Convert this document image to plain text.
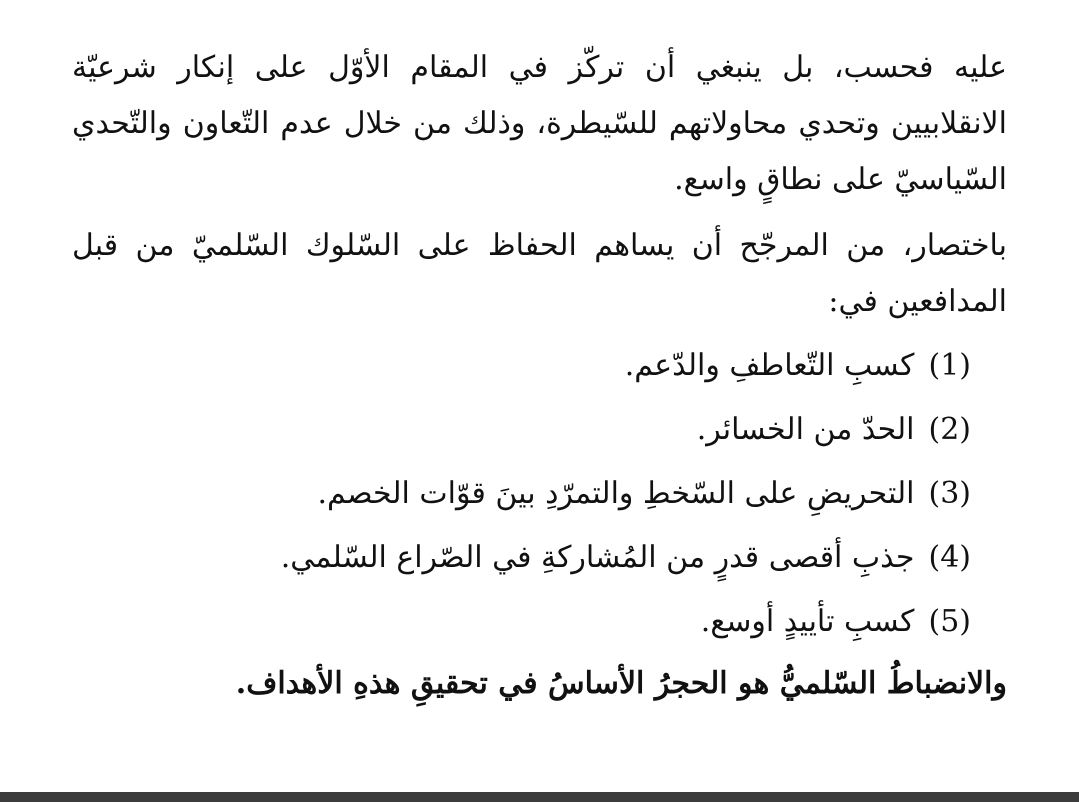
عليه فحسب، بل ينبغي أن تركّز في المقام الأوّل على إنكار شرعيّة الانقلابيين وتحدي محاولاتهم للسّيطرة، وذلك من خلال عدم التّعاون والتّحدي السّياسيّ على نطاقٍ واسع.

باختصار، من المرجّح أن يساهم الحفاظ على السّلوك السّلميّ من قبل المدافعين في:

(1)
كسبِ التّعاطفِ والدّعم.
(2)
الحدّ من الخسائر.
(3)
التحريضِ على السّخطِ والتمرّدِ بينَ قوّات الخصم.
(4)
جذبِ أقصى قدرٍ من المُشاركةِ في الصّراع السّلمي.
(5)
كسبِ تأييدٍ أوسع.

والانضباطُ السّلميُّ هو الحجرُ الأساسُ في تحقيقِ هذهِ الأهداف.
